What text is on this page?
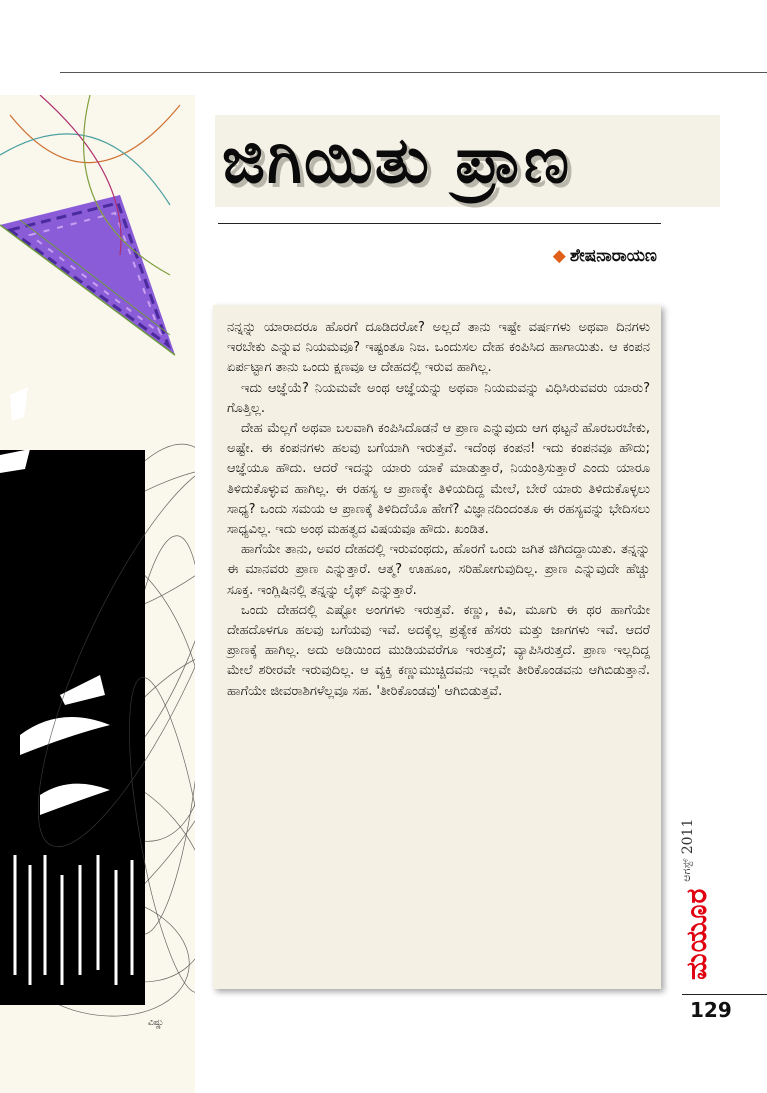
ವಿಷ್ಣು
ಜಿಗಿಯಿತು ಪ್ರಾಣ
◆ ಶೇಷನಾರಾಯಣ

ನನ್ನನ್ನು ಯಾರಾದರೂ ಹೊರಗೆ ದೂಡಿದರೋ? ಅಲ್ಲದೆ ತಾನು ಇಷ್ಟೇ ವರ್ಷಗಳು ಅಥವಾ ದಿನಗಳು ಇರಬೇಕು ಎನ್ನುವ ನಿಯಮವೂ? ಇಷ್ಟಂತೂ ನಿಜ. ಒಂದುಸಲ ದೇಹ ಕಂಪಿಸಿದ ಹಾಗಾಯಿತು. ಆ ಕಂಪನ ಏರ್ಪಟ್ಟಾಗ ತಾನು ಒಂದು ಕ್ಷಣವೂ ಆ ದೇಹದಲ್ಲಿ ಇರುವ ಹಾಗಿಲ್ಲ.

ಇದು ಆಜ್ಞೆಯೆ? ನಿಯಮವೇ ಅಂಥ ಆಜ್ಞೆಯನ್ನು ಅಥವಾ ನಿಯಮವನ್ನು ವಿಧಿಸಿರುವವರು ಯಾರು? ಗೊತ್ತಿಲ್ಲ.

ದೇಹ ಮೆಲ್ಲಗೆ ಅಥವಾ ಬಲವಾಗಿ ಕಂಪಿಸಿದೊಡನೆ ಆ ಪ್ರಾಣ ಎನ್ನುವುದು ಆಗ ಥಟ್ಟನೆ ಹೊರಬರಬೇಕು, ಅಷ್ಟೇ. ಈ ಕಂಪನಗಳು ಹಲವು ಬಗೆಯಾಗಿ ಇರುತ್ತವೆ. ಇದೆಂಥ ಕಂಪನ! ಇದು ಕಂಪನವೂ ಹೌದು; ಆಜ್ಞೆಯೂ ಹೌದು. ಆದರೆ ಇದನ್ನು ಯಾರು ಯಾಕೆ ಮಾಡುತ್ತಾರೆ, ನಿಯಂತ್ರಿಸುತ್ತಾರೆ ಎಂದು ಯಾರೂ ತಿಳಿದುಕೊಳ್ಳುವ ಹಾಗಿಲ್ಲ. ಈ ರಹಸ್ಯ ಆ ಪ್ರಾಣಕ್ಕೇ ತಿಳಿಯದಿದ್ದ ಮೇಲೆ, ಬೇರೆ ಯಾರು ತಿಳಿದುಕೊಳ್ಳಲು ಸಾಧ್ಯ? ಒಂದು ಸಮಯ ಆ ಪ್ರಾಣಕ್ಕೆ ತಿಳಿದಿದೆಯೊ ಹೇಗೆ? ವಿಜ್ಞಾನದಿಂದಂತೂ ಈ ರಹಸ್ಯವನ್ನು ಭೇದಿಸಲು ಸಾಧ್ಯವಿಲ್ಲ. ಇದು ಅಂಥ ಮಹತ್ವದ ವಿಷಯವೂ ಹೌದು. ಖಂಡಿತ.

ಹಾಗೆಯೇ ತಾನು, ಅವರ ದೇಹದಲ್ಲಿ ಇರುವಂಥದು, ಹೊರಗೆ ಒಂದು ಜಗಿತ ಜಿಗಿದದ್ದಾಯಿತು. ತನ್ನನ್ನು ಈ ಮಾನವರು ಪ್ರಾಣ ಎನ್ನುತ್ತಾರೆ. ಆತ್ಮ? ಊಹೂಂ, ಸರಿಹೋಗುವುದಿಲ್ಲ. ಪ್ರಾಣ ಎನ್ನುವುದೇ ಹೆಚ್ಚು ಸೂಕ್ತ. ಇಂಗ್ಲಿಷಿನಲ್ಲಿ ತನ್ನನ್ನು ಲೈಫ್ ಎನ್ನುತ್ತಾರೆ.

ಒಂದು ದೇಹದಲ್ಲಿ ಎಷ್ಟೋ ಅಂಗಗಳು ಇರುತ್ತವೆ. ಕಣ್ಣು, ಕಿವಿ, ಮೂಗು ಈ ಥರ ಹಾಗೆಯೇ ದೇಹದೊಳಗೂ ಹಲವು ಬಗೆಯವು ಇವೆ. ಅದಕ್ಕೆಲ್ಲ ಪ್ರತ್ಯೇಕ ಹೆಸರು ಮತ್ತು ಜಾಗಗಳು ಇವೆ. ಆದರೆ ಪ್ರಾಣಕ್ಕೆ ಹಾಗಿಲ್ಲ. ಅದು ಅಡಿಯಿಂದ ಮುಡಿಯವರೆಗೂ ಇರುತ್ತದೆ; ವ್ಯಾಪಿಸಿರುತ್ತದೆ. ಪ್ರಾಣ ಇಲ್ಲದಿದ್ದ ಮೇಲೆ ಶರೀರವೇ ಇರುವುದಿಲ್ಲ. ಆ ವ್ಯಕ್ತಿ ಕಣ್ಣುಮುಚ್ಚಿದವನು ಇಲ್ಲವೇ ತೀರಿಕೊಂಡವನು ಆಗಿಬಿಡುತ್ತಾನೆ. ಹಾಗೆಯೇ ಜೀವರಾಶಿಗಳೆಲ್ಲವೂ ಸಹ. 'ತೀರಿಕೊಂಡವು' ಆಗಿಬಿಡುತ್ತವೆ.

ಮಯೂರ$^{ಆಗಸ್ಟ್}$2011
129
